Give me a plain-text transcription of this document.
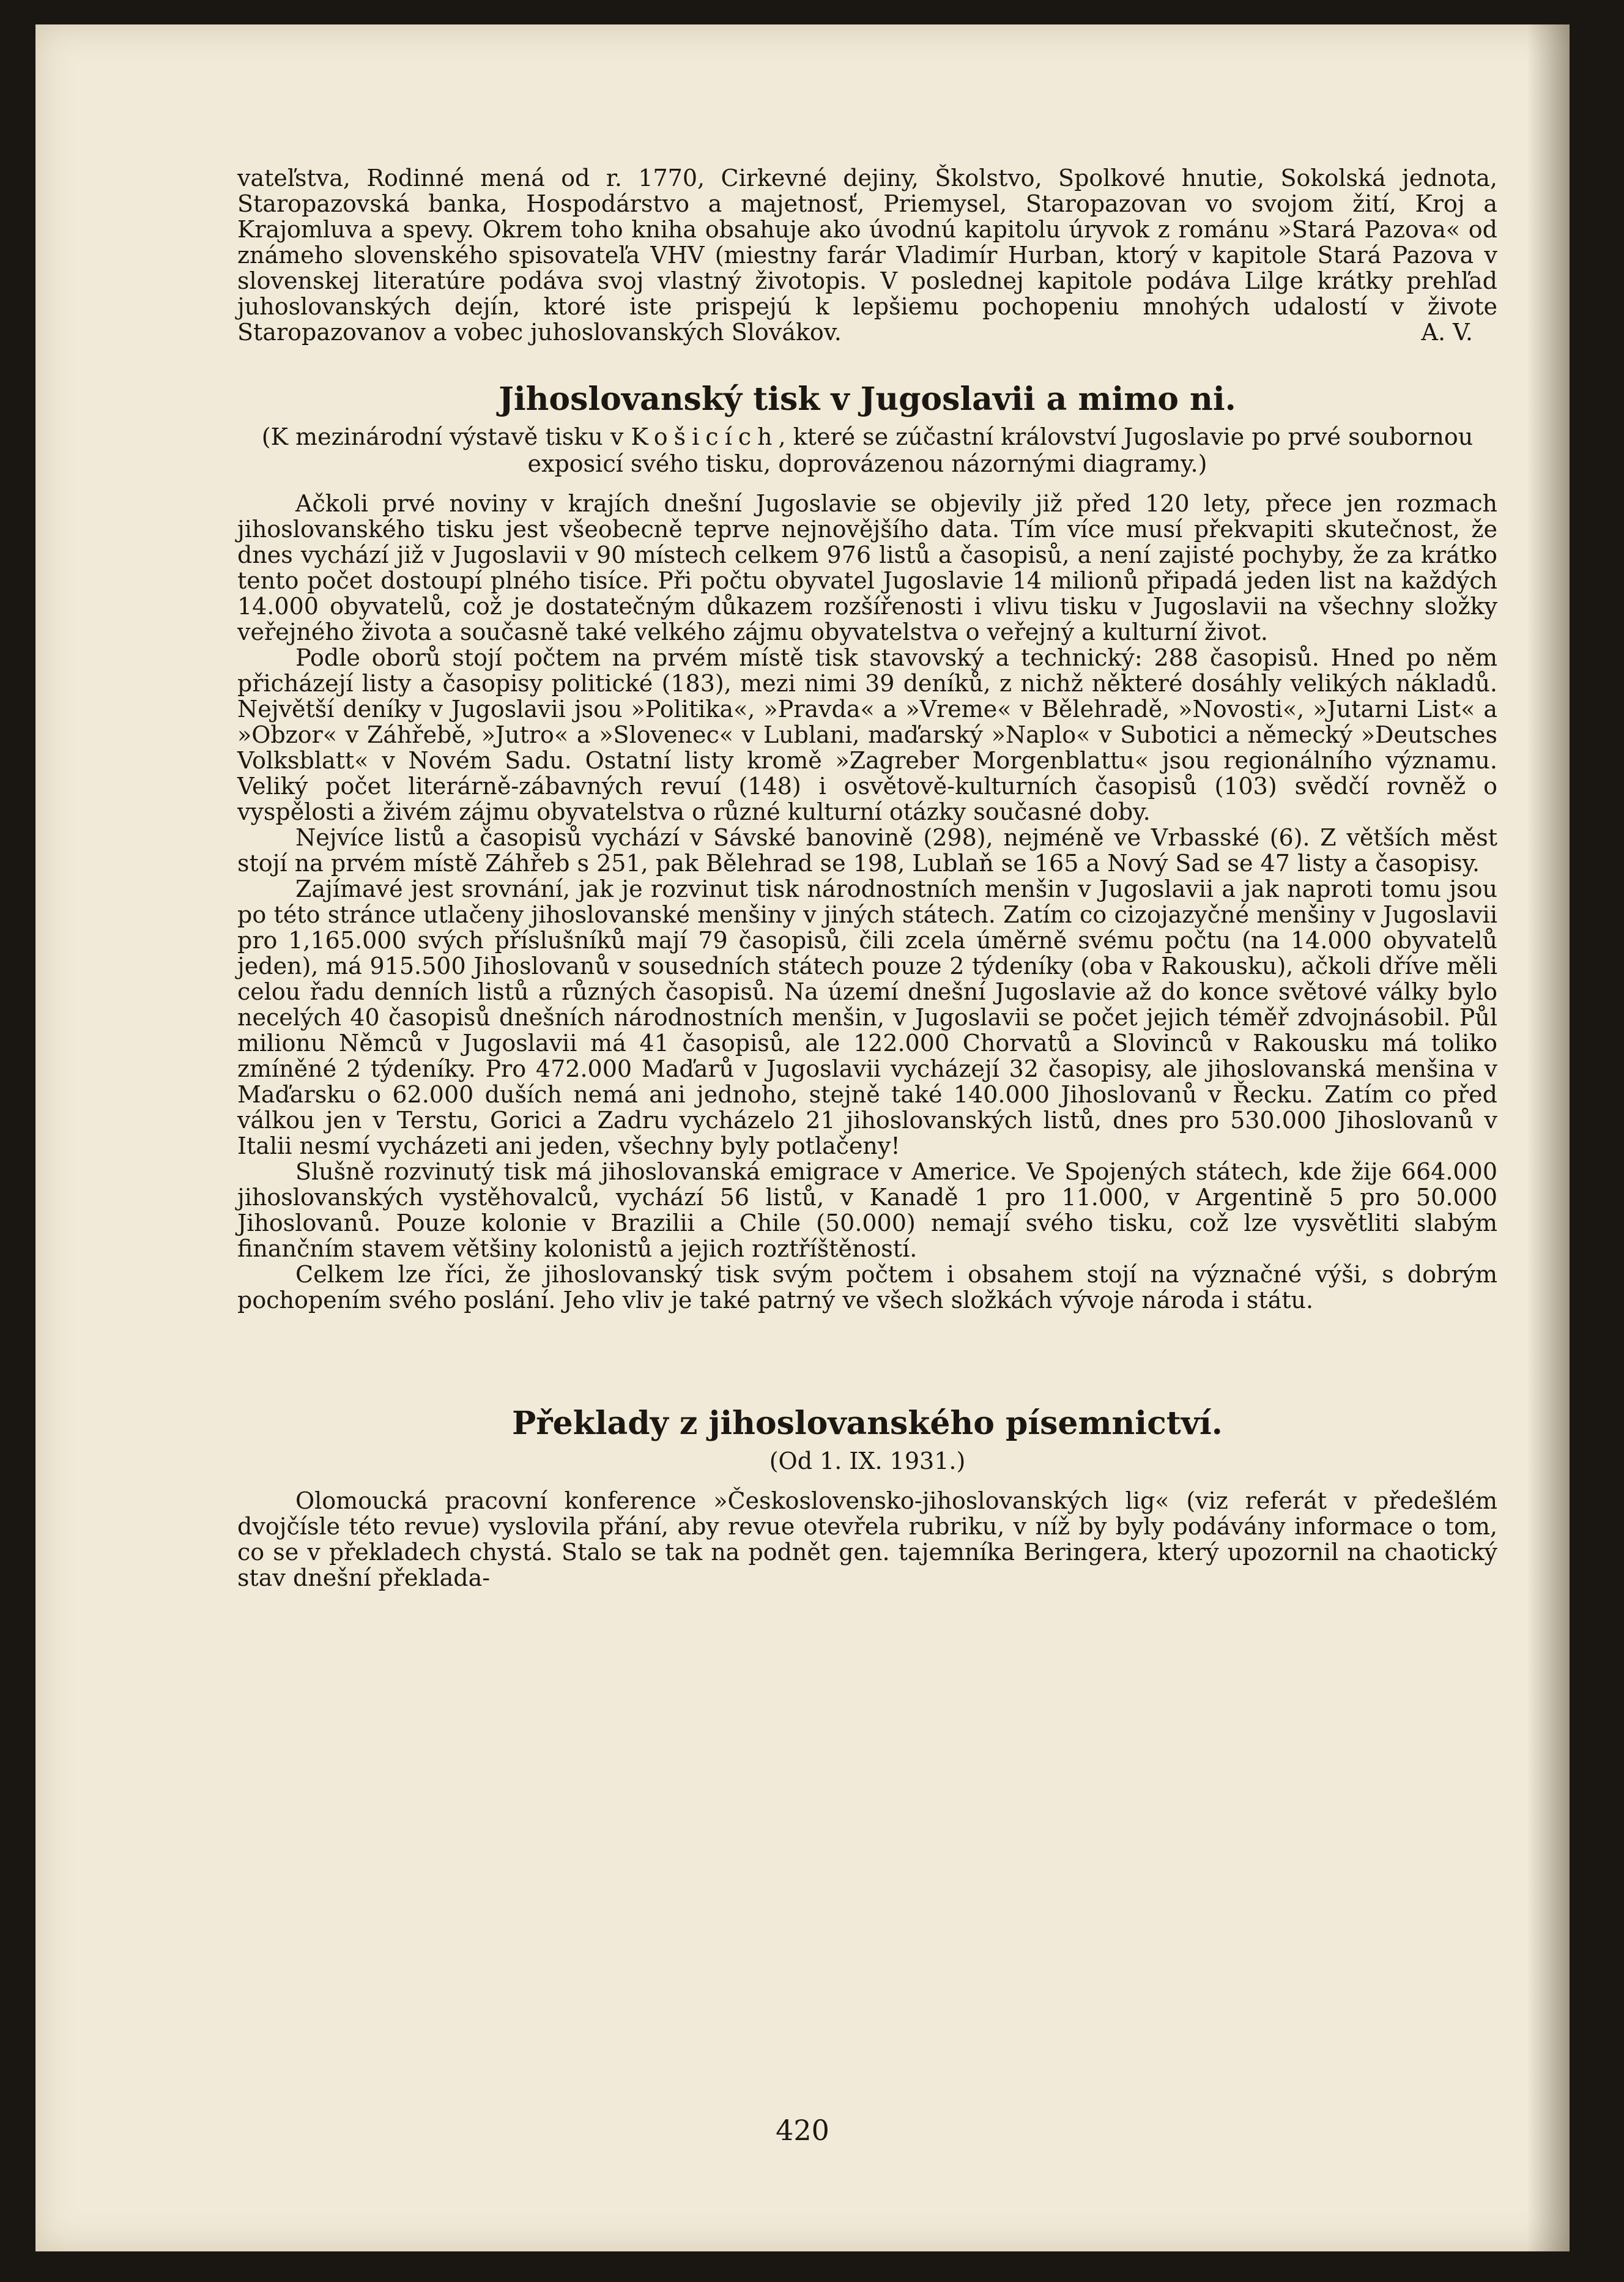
vateľstva, Rodinné mená od r. 1770, Cirkevné dejiny, Školstvo, Spolkové hnutie, Sokolská jednota, Staropazovská banka, Hospodárstvo a majetnosť, Priemysel, Staropazovan vo svojom žití, Kroj a Krajomluva a spevy. Okrem toho kniha obsahuje ako úvodnú kapitolu úryvok z románu »Stará Pazova« od známeho slovenského spisovateľa VHV (miestny farár Vladimír Hurban, ktorý v kapitole Stará Pazova v slovenskej literatúre podáva svoj vlastný životopis. V poslednej kapitole podáva Lilge krátky prehľad juhoslovanských dejín, ktoré iste prispejú k lepšiemu pochopeniu mnohých udalostí v živote Staropazovanov a vobec juhoslovanských Slovákov.	A. V.
Jihoslovanský tisk v Jugoslavii a mimo ni.
(K mezinárodní výstavě tisku v Košicích, které se zúčastní království Jugoslavie po prvé soubornou exposicí svého tisku, doprovázenou názornými diagramy.)

Ačkoli prvé noviny v krajích dnešní Jugoslavie se objevily již před 120 lety, přece jen rozmach jihoslovanského tisku jest všeobecně teprve nejnovějšího data. Tím více musí překvapiti skutečnost, že dnes vychází již v Jugoslavii v 90 místech celkem 976 listů a časopisů, a není zajisté pochyby, že za krátko tento počet dostoupí plného tisíce. Při počtu obyvatel Jugoslavie 14 milionů připadá jeden list na každých 14.000 obyvatelů, což je dostatečným důkazem rozšířenosti i vlivu tisku v Jugoslavii na všechny složky veřejného života a současně také velkého zájmu obyvatelstva o veřejný a kulturní život.

Podle oborů stojí počtem na prvém místě tisk stavovský a technický: 288 časopisů. Hned po něm přicházejí listy a časopisy politické (183), mezi nimi 39 deníků, z nichž některé dosáhly velikých nákladů. Největší deníky v Jugoslavii jsou »Politika«, »Pravda« a »Vreme« v Bělehradě, »Novosti«, »Jutarni List« a »Obzor« v Záhřebě, »Jutro« a »Slovenec« v Lublani, maďarský »Naplo« v Subotici a německý »Deutsches Volksblatt« v Novém Sadu. Ostatní listy kromě »Zagreber Morgenblattu« jsou regionálního významu. Veliký počet literárně-zábavných revuí (148) i osvětově-kulturních časopisů (103) svědčí rovněž o vyspělosti a živém zájmu obyvatelstva o různé kulturní otázky současné doby.

Nejvíce listů a časopisů vychází v Sávské banovině (298), nejméně ve Vrbasské (6). Z větších měst stojí na prvém místě Záhřeb s 251, pak Bělehrad se 198, Lublaň se 165 a Nový Sad se 47 listy a časopisy.

Zajímavé jest srovnání, jak je rozvinut tisk národnostních menšin v Jugoslavii a jak naproti tomu jsou po této stránce utlačeny jihoslovanské menšiny v jiných státech. Zatím co cizojazyčné menšiny v Jugoslavii pro 1,165.000 svých příslušníků mají 79 časopisů, čili zcela úměrně svému počtu (na 14.000 obyvatelů jeden), má 915.500 Jihoslovanů v sousedních státech pouze 2 týdeníky (oba v Rakousku), ačkoli dříve měli celou řadu denních listů a různých časopisů. Na území dnešní Jugoslavie až do konce světové války bylo necelých 40 časopisů dnešních národnostních menšin, v Jugoslavii se počet jejich téměř zdvojnásobil. Půl milionu Němců v Jugoslavii má 41 časopisů, ale 122.000 Chorvatů a Slovinců v Rakousku má toliko zmíněné 2 týdeníky. Pro 472.000 Maďarů v Jugoslavii vycházejí 32 časopisy, ale jihoslovanská menšina v Maďarsku o 62.000 duších nemá ani jednoho, stejně také 140.000 Jihoslovanů v Řecku. Zatím co před válkou jen v Terstu, Gorici a Zadru vycházelo 21 jihoslovanských listů, dnes pro 530.000 Jihoslovanů v Italii nesmí vycházeti ani jeden, všechny byly potlačeny!

Slušně rozvinutý tisk má jihoslovanská emigrace v Americe. Ve Spojených státech, kde žije 664.000 jihoslovanských vystěhovalců, vychází 56 listů, v Kanadě 1 pro 11.000, v Argentině 5 pro 50.000 Jihoslovanů. Pouze kolonie v Brazilii a Chile (50.000) nemají svého tisku, což lze vysvětliti slabým finančním stavem většiny kolonistů a jejich roztříštěností.

Celkem lze říci, že jihoslovanský tisk svým počtem i obsahem stojí na význačné výši, s dobrým pochopením svého poslání. Jeho vliv je také patrný ve všech složkách vývoje národa i státu.

Překlady z jihoslovanského písemnictví.
(Od 1. IX. 1931.)

Olomoucká pracovní konference »Československo-jihoslovanských lig« (viz referát v předešlém dvojčísle této revue) vyslovila přání, aby revue otevřela rubriku, v níž by byly podávány informace o tom, co se v překladech chystá. Stalo se tak na podnět gen. tajemníka Beringera, který upozornil na chaotický stav dnešní překlada-

420
